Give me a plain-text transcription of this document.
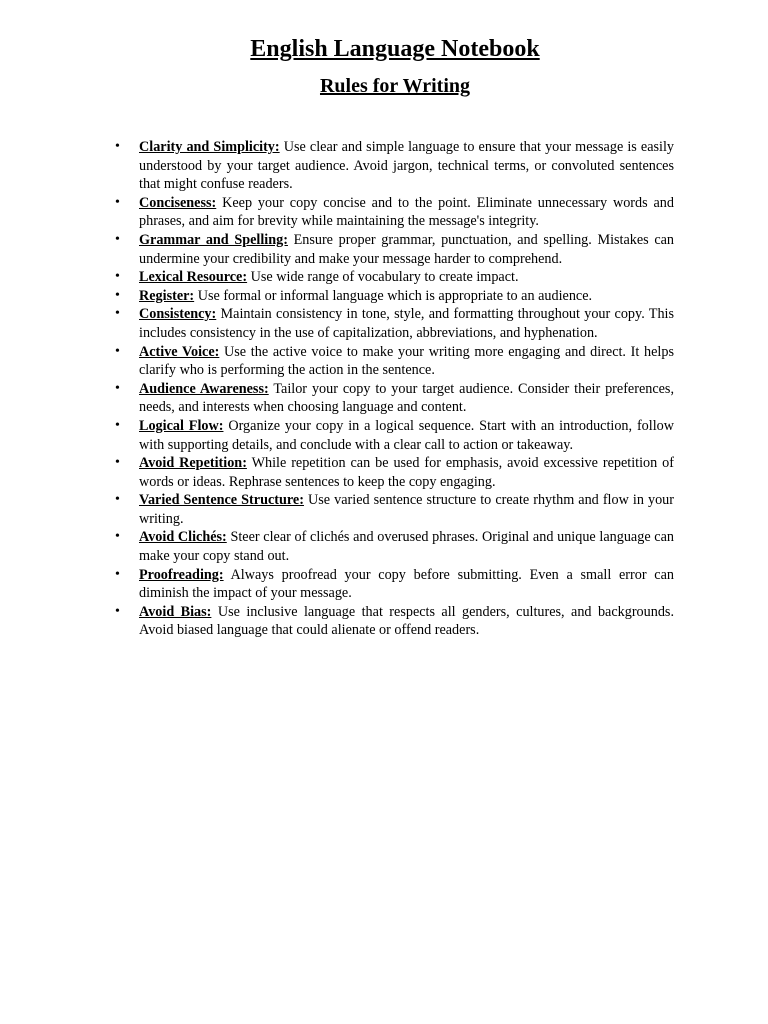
English Language Notebook
Rules for Writing
• Clarity and Simplicity: Use clear and simple language to ensure that your message is easily understood by your target audience. Avoid jargon, technical terms, or convoluted sentences that might confuse readers.
• Conciseness: Keep your copy concise and to the point. Eliminate unnecessary words and phrases, and aim for brevity while maintaining the message's integrity.
• Grammar and Spelling: Ensure proper grammar, punctuation, and spelling. Mistakes can undermine your credibility and make your message harder to comprehend.
• Lexical Resource: Use wide range of vocabulary to create impact.
• Register: Use formal or informal language which is appropriate to an audience.
• Consistency: Maintain consistency in tone, style, and formatting throughout your copy. This includes consistency in the use of capitalization, abbreviations, and hyphenation.
• Active Voice: Use the active voice to make your writing more engaging and direct. It helps clarify who is performing the action in the sentence.
• Audience Awareness: Tailor your copy to your target audience. Consider their preferences, needs, and interests when choosing language and content.
• Logical Flow: Organize your copy in a logical sequence. Start with an introduction, follow with supporting details, and conclude with a clear call to action or takeaway.
• Avoid Repetition: While repetition can be used for emphasis, avoid excessive repetition of words or ideas. Rephrase sentences to keep the copy engaging.
• Varied Sentence Structure: Use varied sentence structure to create rhythm and flow in your writing.
• Avoid Clichés: Steer clear of clichés and overused phrases. Original and unique language can make your copy stand out.
• Proofreading: Always proofread your copy before submitting. Even a small error can diminish the impact of your message.
• Avoid Bias: Use inclusive language that respects all genders, cultures, and backgrounds. Avoid biased language that could alienate or offend readers.
